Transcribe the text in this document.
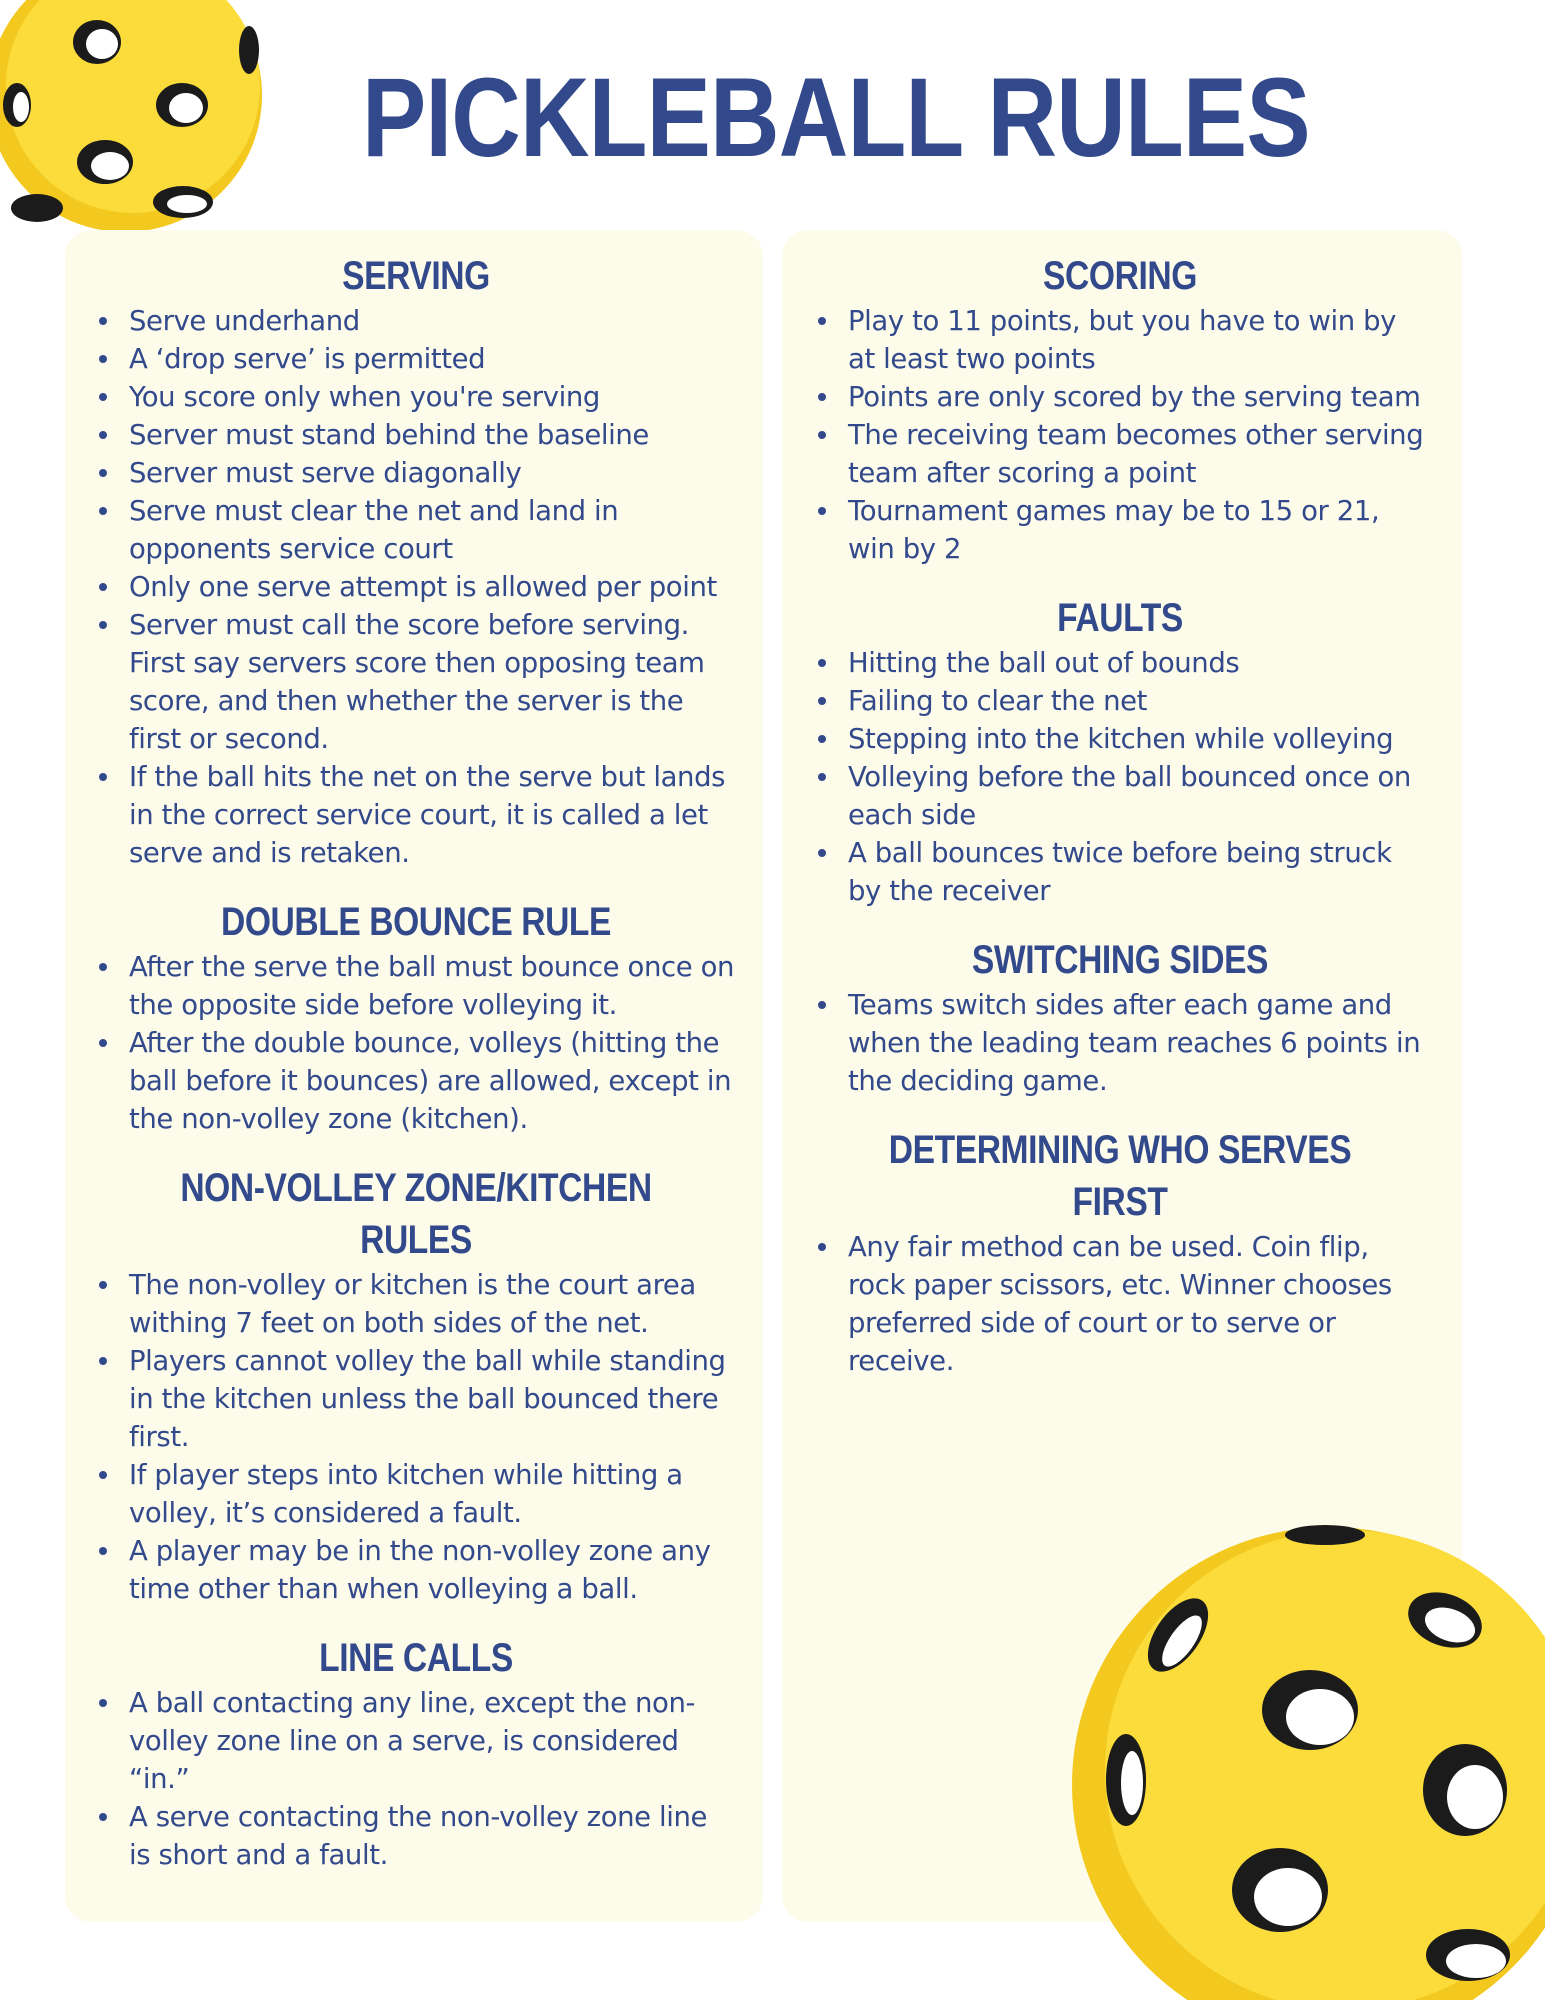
PICKLEBALL RULES
SERVING
Serve underhand
A ‘drop serve’ is permitted
You score only when you're serving
Server must stand behind the baseline
Server must serve diagonally
Serve must clear the net and land in opponents service court
Only one serve attempt is allowed per point
Server must call the score before serving. First say servers score then opposing team score, and then whether the server is the first or second.
If the ball hits the net on the serve but lands in the correct service court, it is called a let serve and is retaken.
DOUBLE BOUNCE RULE
After the serve the ball must bounce once on the opposite side before volleying it.
After the double bounce, volleys (hitting the ball before it bounces) are allowed, except in the non-volley zone (kitchen).
NON-VOLLEY ZONE/KITCHEN RULES
The non-volley or kitchen is the court area withing 7 feet on both sides of the net.
Players cannot volley the ball while standing in the kitchen unless the ball bounced there first.
If player steps into kitchen while hitting a volley, it’s considered a fault.
A player may be in the non-volley zone any time other than when volleying a ball.
LINE CALLS
A ball contacting any line, except the non-volley zone line on a serve, is considered “in.”
A serve contacting the non-volley zone line is short and a fault.
SCORING
Play to 11 points, but you have to win by at least two points
Points are only scored by the serving team
The receiving team becomes other serving team after scoring a point
Tournament games may be to 15 or 21, win by 2
FAULTS
Hitting the ball out of bounds
Failing to clear the net
Stepping into the kitchen while volleying
Volleying before the ball bounced once on each side
A ball bounces twice before being struck by the receiver
SWITCHING SIDES
Teams switch sides after each game and when the leading team reaches 6 points in the deciding game.
DETERMINING WHO SERVES FIRST
Any fair method can be used. Coin flip, rock paper scissors, etc. Winner chooses preferred side of court or to serve or receive.
